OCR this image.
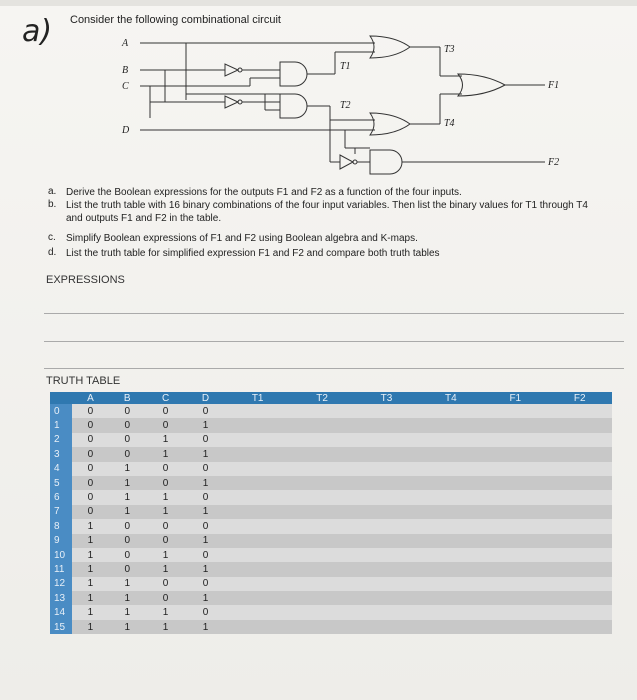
a) Consider the following combinational circuit
A
B
C
D
T1
T2
T3
T4
F1
F2
a. Derive the Boolean expressions for the outputs F1 and F2 as a function of the four inputs.
b. List the truth table with 16 binary combinations of the four input variables. Then list the binary values for T1 through T4 and outputs F1 and F2 in the table.
c. Simplify Boolean expressions of F1 and F2 using Boolean algebra and K-maps.
d. List the truth table for simplified expression F1 and F2 and compare both truth tables
EXPRESSIONS
TRUTH TABLE
	A	B	C	D	T1	T2	T3	T4	F1	F2
0	0	0	0	0						
1	0	0	0	1						
2	0	0	1	0						
3	0	0	1	1						
4	0	1	0	0						
5	0	1	0	1						
6	0	1	1	0						
7	0	1	1	1						
8	1	0	0	0						
9	1	0	0	1						
10	1	0	1	0						
11	1	0	1	1						
12	1	1	0	0						
13	1	1	0	1						
14	1	1	1	0						
15	1	1	1	1						
